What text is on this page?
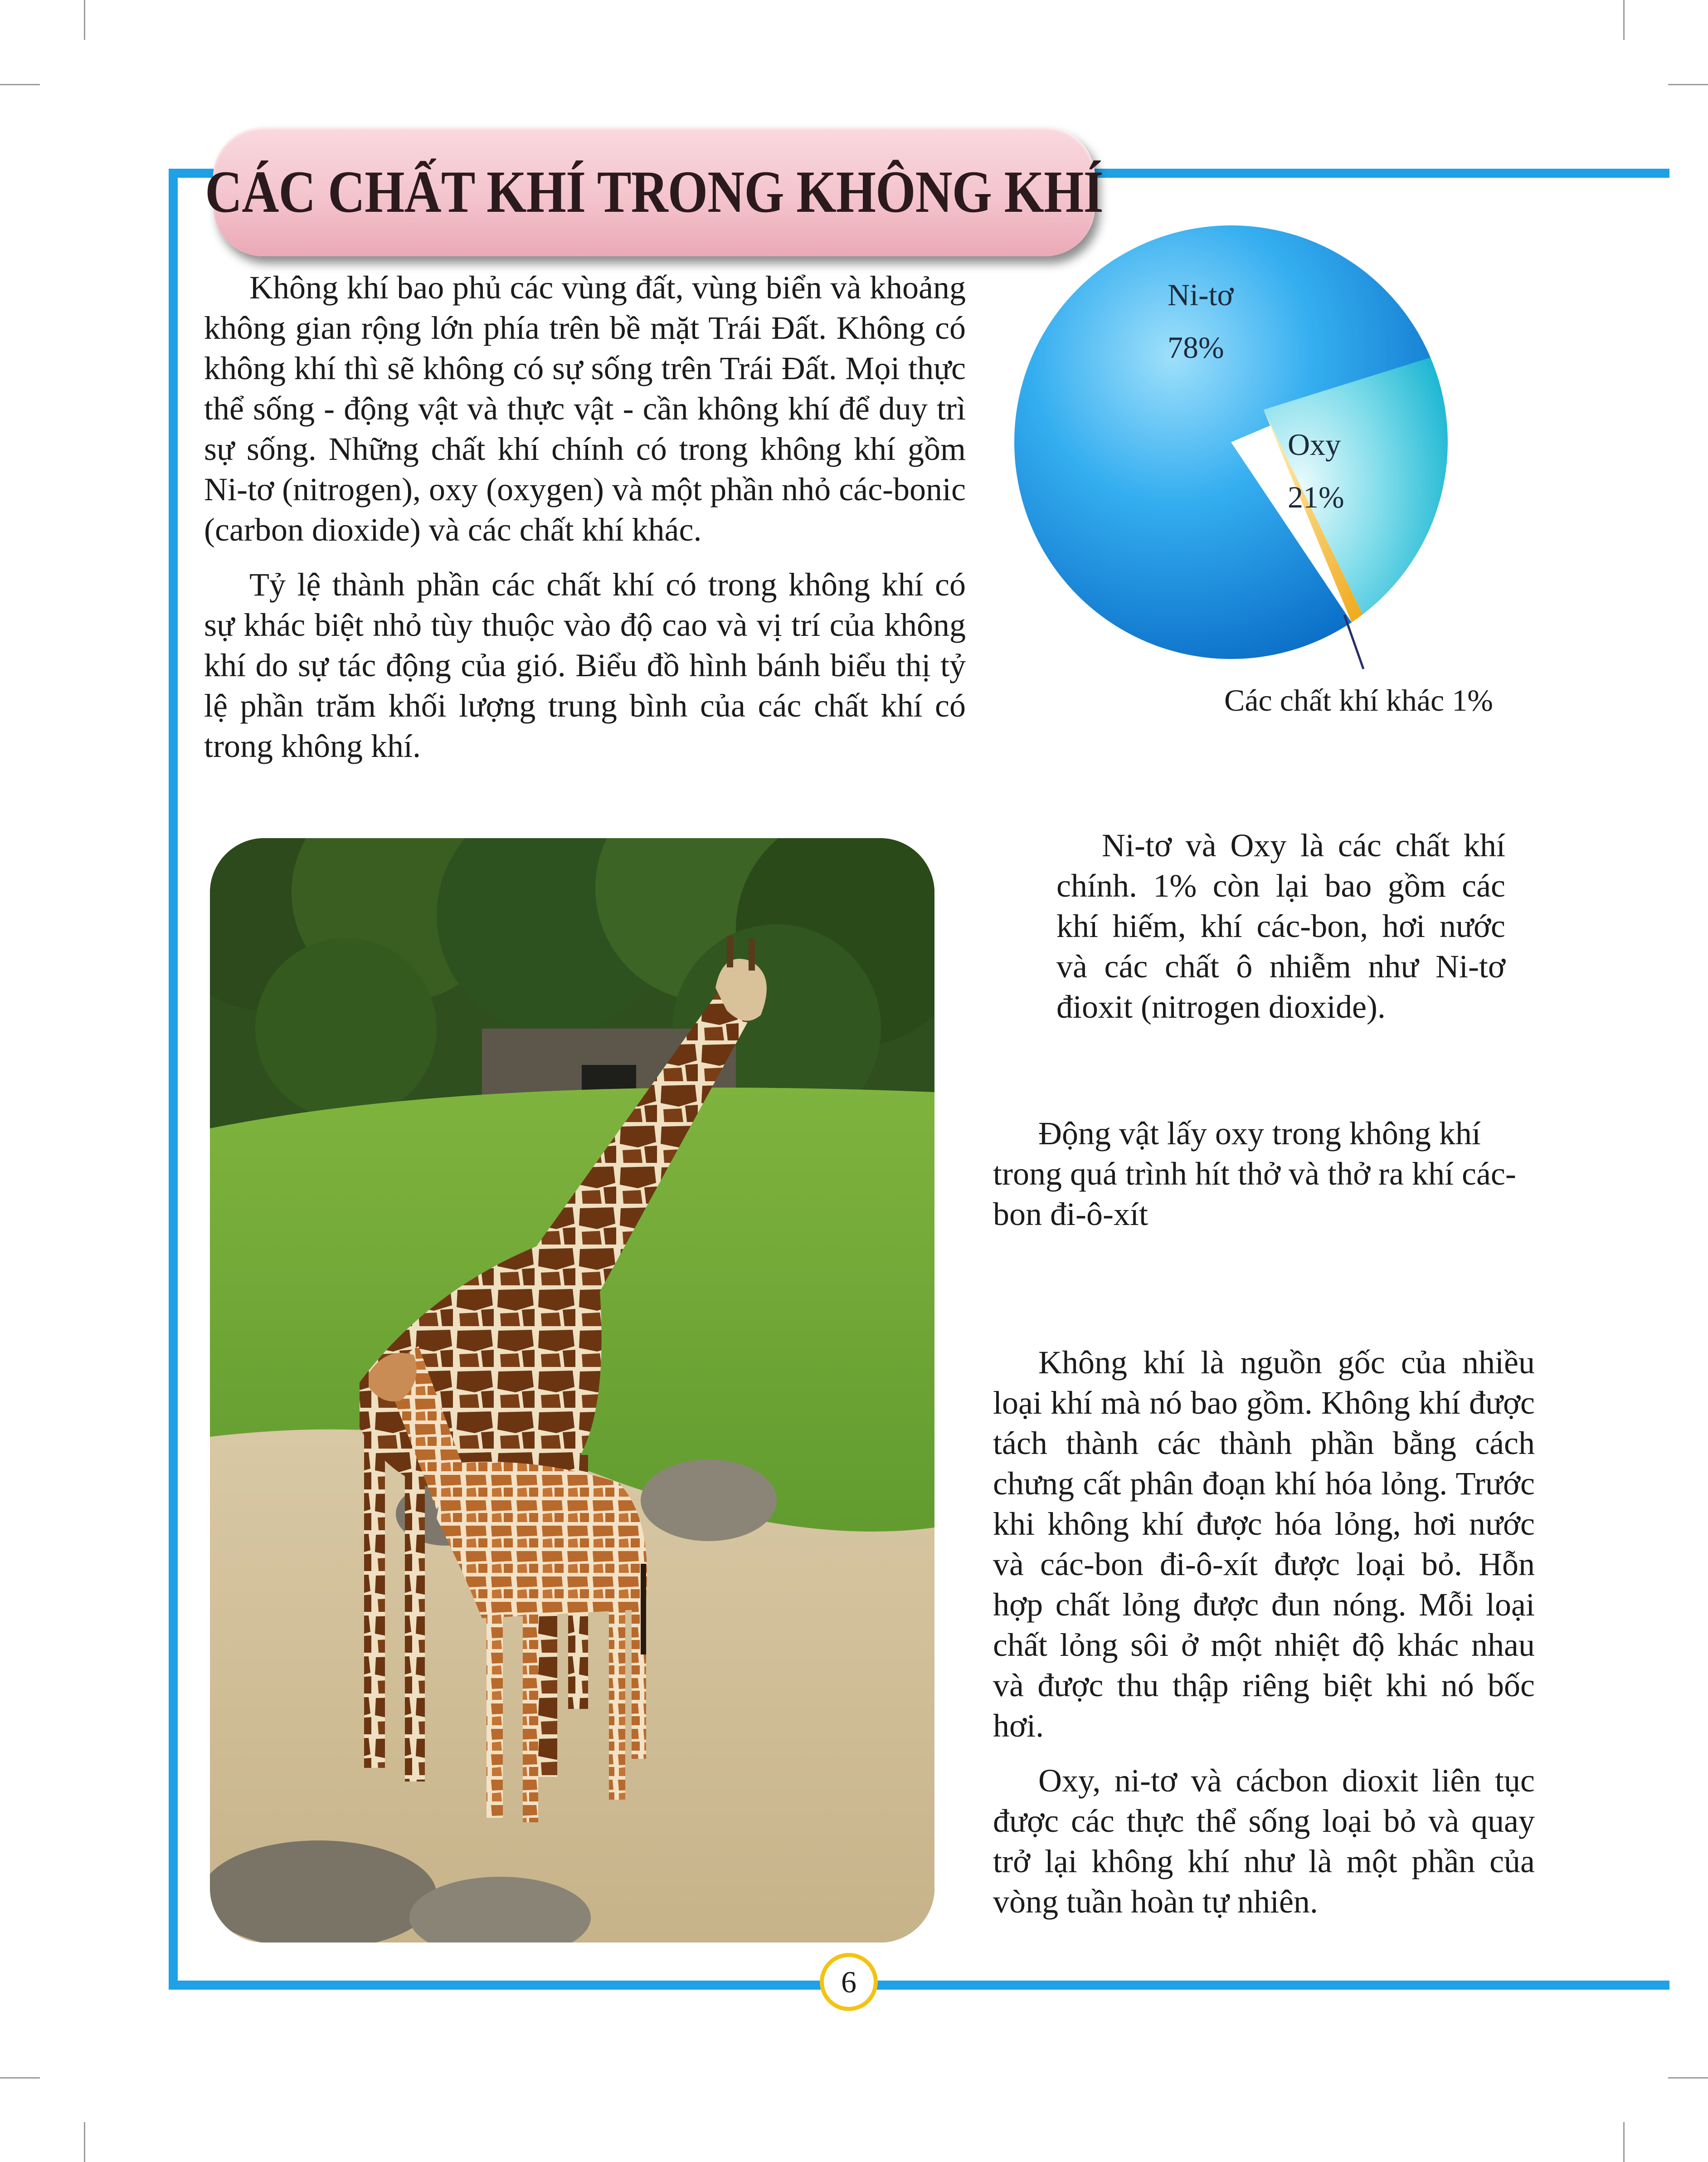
CÁC CHẤT KHÍ TRONG KHÔNG KHÍ

Không khí bao phủ các vùng đất, vùng biển và khoảng không gian rộng lớn phía trên bề mặt Trái Đất. Không có không khí thì sẽ không có sự sống trên Trái Đất. Mọi thực thể sống - động vật và thực vật - cần không khí để duy trì sự sống. Những chất khí chính có trong không khí gồm Ni-tơ (nitrogen), oxy (oxygen) và một phần nhỏ các-bonic (carbon dioxide) và các chất khí khác.

Tỷ lệ thành phần các chất khí có trong không khí có sự khác biệt nhỏ tùy thuộc vào độ cao và vị trí của không khí do sự tác động của gió. Biểu đồ hình bánh biểu thị tỷ lệ phần trăm khối lượng trung bình của các chất khí có trong không khí.

Ni-tơ
78%
Oxy
21%
Các chất khí khác 1%

Ni-tơ và Oxy là các chất khí chính. 1% còn lại bao gồm các khí hiếm, khí các-bon, hơi nước và các chất ô nhiễm như Ni-tơ đioxit (nitrogen dioxide).

Động vật lấy oxy trong không khí trong quá trình hít thở và thở ra khí các-bon đi-ô-xít

Không khí là nguồn gốc của nhiều loại khí mà nó bao gồm. Không khí được tách thành các thành phần bằng cách chưng cất phân đoạn khí hóa lỏng. Trước khi không khí được hóa lỏng, hơi nước và các-bon đi-ô-xít được loại bỏ. Hỗn hợp chất lỏng được đun nóng. Mỗi loại chất lỏng sôi ở một nhiệt độ khác nhau và được thu thập riêng biệt khi nó bốc hơi.

Oxy, ni-tơ và cácbon dioxit liên tục được các thực thể sống loại bỏ và quay trở lại không khí như là một phần của vòng tuần hoàn tự nhiên.

6
